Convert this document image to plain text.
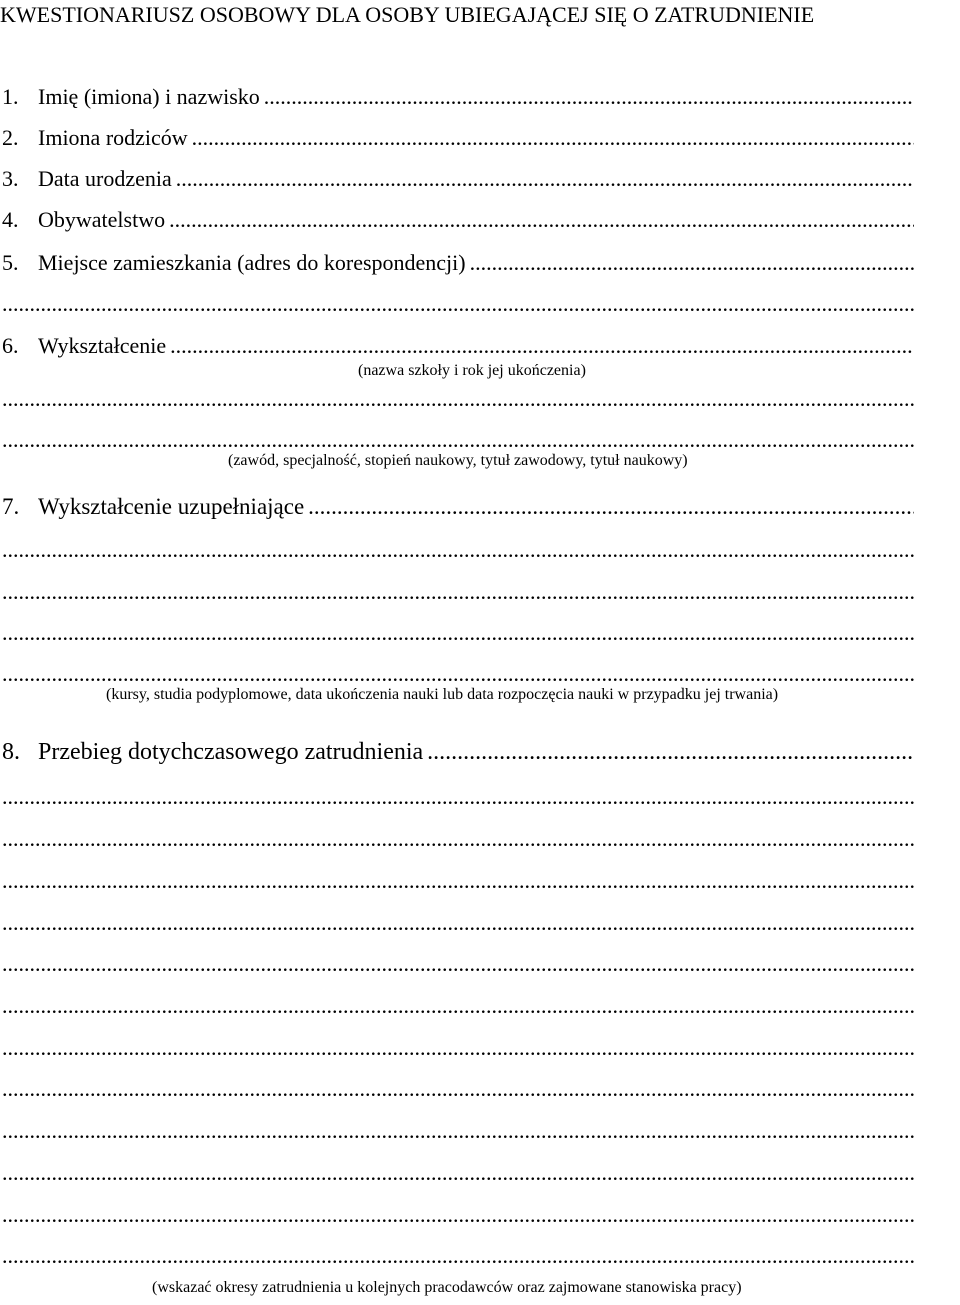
KWESTIONARIUSZ OSOBOWY DLA OSOBY UBIEGAJĄCEJ SIĘ O ZATRUDNIENIE
1. Imię (imiona) i nazwisko
.....
2. Imiona rodziców
.....
3. Data urodzenia
.....
4. Obywatelstwo
.....
5. Miejsce zamieszkania (adres do korespondencji)
.....
.....
6. Wykształcenie
.....
(nazwa szkoły i rok jej ukończenia)
.....
.....
(zawód, specjalność, stopień naukowy, tytuł zawodowy, tytuł naukowy)
7. Wykształcenie uzupełniające
.....
.....
.....
.....
.....
(kursy, studia podyplomowe, data ukończenia nauki lub data rozpoczęcia nauki w przypadku jej trwania)
8. Przebieg dotychczasowego zatrudnienia
.....
.....
.....
.....
.....
.....
.....
.....
.....
.....
.....
.....
.....
(wskazać okresy zatrudnienia u kolejnych pracodawców oraz zajmowane stanowiska pracy)
